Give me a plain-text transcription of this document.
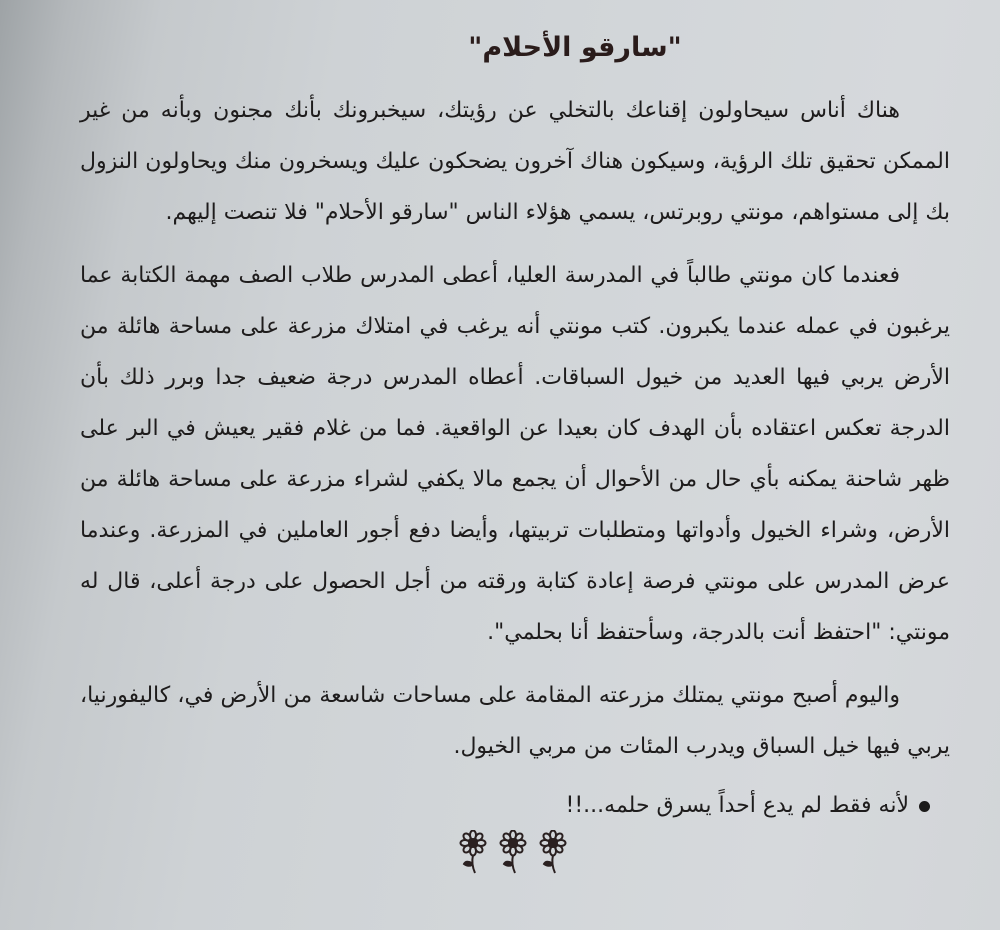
"سارقو الأحلام"

هناك أناس سيحاولون إقناعك بالتخلي عن رؤيتك، سيخبرونك بأنك مجنون وبأنه من غير الممكن تحقيق تلك الرؤية، وسيكون هناك آخرون يضحكون عليك ويسخرون منك ويحاولون النزول بك إلى مستواهم، مونتي روبرتس، يسمي هؤلاء الناس "سارقو الأحلام" فلا تنصت إليهم.

فعندما كان مونتي طالباً في المدرسة العليا، أعطى المدرس طلاب الصف مهمة الكتابة عما يرغبون في عمله عندما يكبرون. كتب مونتي أنه يرغب في امتلاك مزرعة على مساحة هائلة من الأرض يربي فيها العديد من خيول السباقات. أعطاه المدرس درجة ضعيف جدا وبرر ذلك بأن الدرجة تعكس اعتقاده بأن الهدف كان بعيدا عن الواقعية. فما من غلام فقير يعيش في البر على ظهر شاحنة يمكنه بأي حال من الأحوال أن يجمع مالا يكفي لشراء مزرعة على مساحة هائلة من الأرض، وشراء الخيول وأدواتها ومتطلبات تربيتها، وأيضا دفع أجور العاملين في المزرعة. وعندما عرض المدرس على مونتي فرصة إعادة كتابة ورقته من أجل الحصول على درجة أعلى، قال له مونتي: "احتفظ أنت بالدرجة، وسأحتفظ أنا بحلمي".

واليوم أصبح مونتي يمتلك مزرعته المقامة على مساحات شاسعة من الأرض في، كاليفورنيا، يربي فيها خيل السباق ويدرب المئات من مربي الخيول.

لأنه فقط لم يدع أحداً يسرق حلمه...!!
